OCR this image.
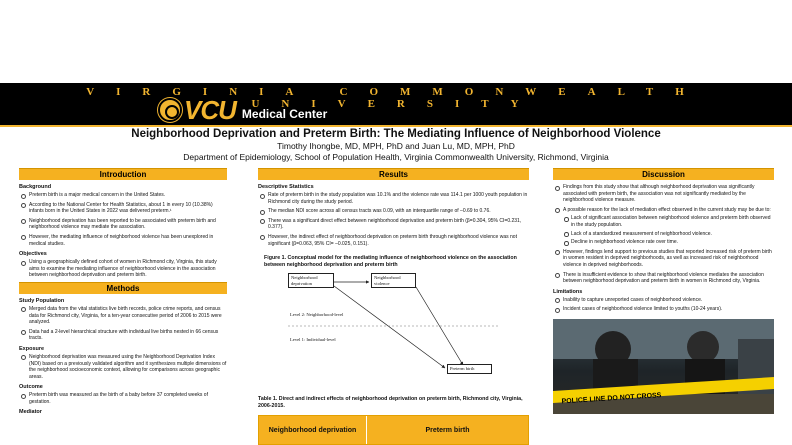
VIRGINIA COMMONWEALTH UNIVERSITY
VCU Medical Center
Neighborhood Deprivation and Preterm Birth: The Mediating Influence of Neighborhood Violence
Timothy Ihongbe, MD, MPH, PhD and Juan Lu, MD, MPH, PhD
Department of Epidemiology, School of Population Health, Virginia Commonwealth University, Richmond, Virginia
Introduction
Background
Preterm birth is a major medical concern in the United States.
According to the National Center for Health Statistics, about 1 in every 10 (10.38%) infants born in the United States in 2022 was delivered preterm.¹
Neighborhood deprivation has been reported to be associated with preterm birth and neighborhood violence may mediate the association.
However, the mediating influence of neighborhood violence has been unexplored in medical studies.
Objectives
Using a geographically defined cohort of women in Richmond city, Virginia, this study aims to examine the mediating influence of neighborhood violence in the association between neighborhood deprivation and preterm birth.
Methods
Study Population
Merged data from the vital statistics live birth records, police crime reports, and census data for Richmond city, Virginia, for a ten-year consecutive period of 2006 to 2015 were analyzed.
Data had a 2-level hierarchical structure with individual live births nested in 66 census tracts.
Exposure
Neighborhood deprivation was measured using the Neighborhood Deprivation Index (NDI) based on a previously validated algorithm and it synthesizes multiple dimensions of the neighborhood socioeconomic context, allowing for comparisons across geographic areas.
Outcome
Preterm birth was measured as the birth of a baby before 37 completed weeks of gestation.
Mediator
Results
Descriptive Statistics
Rate of preterm birth in the study population was 10.1% and the violence rate was 114.1 per 1000 youth population in Richmond city during the study period.
The median NDI score across all census tracts was 0.09, with an interquartile range of –0.69 to 0.76.
There was a significant direct effect between neighborhood deprivation and preterm birth (β=0.304, 95% CI=0.231, 0.377).
However, the indirect effect of neighborhood deprivation on preterm birth through neighborhood violence was not significant (β=0.063, 95% CI= –0.025, 0.151).
Figure 1. Conceptual model for the mediating influence of neighborhood violence on the association between neighborhood deprivation and preterm birth
Neighborhood deprivation
Neighborhood violence
Preterm birth
Level 2: Neighborhood-level
Level 1: Individual-level
Table 1. Direct and indirect effects of neighborhood deprivation on preterm birth, Richmond city, Virginia, 2006-2015.
Neighborhood deprivation	Preterm birth
Discussion
Findings from this study show that although neighborhood deprivation was significantly associated with preterm birth, the association was not significantly mediated by the neighborhood violence measure.
A possible reason for the lack of mediation effect observed in the current study may be due to:
Lack of significant association between neighborhood violence and preterm birth observed in the study population.
Lack of a standardized measurement of neighborhood violence.
Decline in neighborhood violence rate over time.
However, findings lend support to previous studies that reported increased risk of preterm birth in women resident in deprived neighborhoods, as well as increased risk of neighborhood violence in deprived neighborhoods.
There is insufficient evidence to show that neighborhood violence mediates the association between neighborhood deprivation and preterm birth in women in Richmond city, Virginia.
Limitations
Inability to capture unreported cases of neighborhood violence.
Incident cases of neighborhood violence limited to youths (10-24 years).
POLICE LINE DO NOT CROSS
